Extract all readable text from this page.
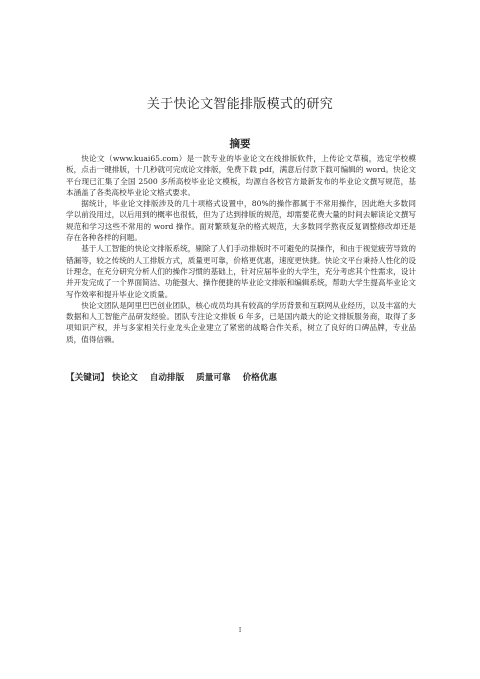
关于快论文智能排版模式的研究
摘要

快论文（www.kuai65.com）是一款专业的毕业论文在线排版软件，上传论文草稿，选定学校模板，点击一键排版，十几秒就可完成论文排版，免费下载 pdf，满意后付款下载可编辑的 word。快论文平台现已汇集了全国 2500 多所高校毕业论文模板，均源自各校官方最新发布的毕业论文撰写规范，基本涵盖了各类高校毕业论文格式要求。

据统计，毕业论文排版涉及的几十项格式设置中，80%的操作都属于不常用操作，因此绝大多数同学以前没用过，以后用到的概率也很低，但为了达到排版的规范，却需要花费大量的时间去解读论文撰写规范和学习这些不常用的 word 操作。面对繁琐复杂的格式规范，大多数同学熬夜反复调整修改却还是存在各种各样的问题。

基于人工智能的快论文排版系统，剔除了人们手动排版时不可避免的误操作，和由于视觉疲劳导致的错漏等，较之传统的人工排版方式，质量更可靠，价格更优惠，速度更快捷。快论文平台秉持人性化的设计理念，在充分研究分析人们的操作习惯的基础上，针对应届毕业的大学生，充分考虑其个性需求，设计并开发完成了一个界面简洁、功能强大、操作便捷的毕业论文排版和编辑系统，帮助大学生提高毕业论文写作效率和提升毕业论文质量。

快论文团队是阿里巴巴创业团队，核心成员均具有较高的学历背景和互联网从业经历，以及丰富的大数据和人工智能产品研发经验。团队专注论文排版 6 年多，已是国内最大的论文排版服务商，取得了多项知识产权，并与多家相关行业龙头企业建立了紧密的战略合作关系，树立了良好的口碑品牌，专业品质，值得信赖。

【关键词】 快论文 自动排版 质量可靠 价格优惠
I
